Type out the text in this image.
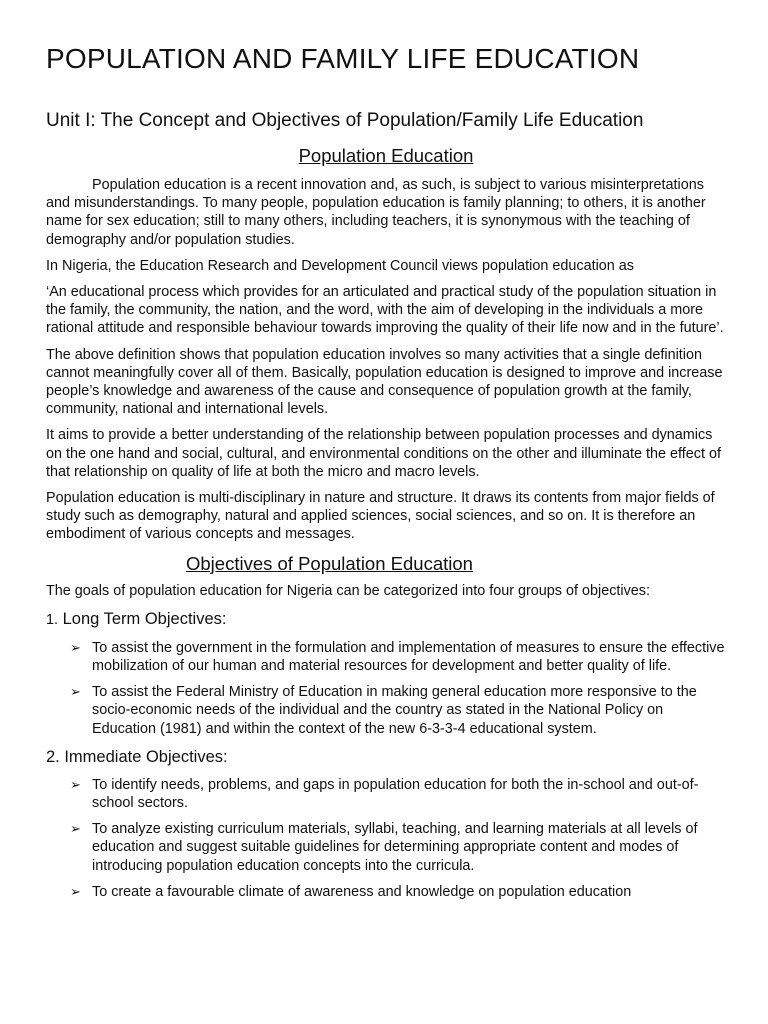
POPULATION AND FAMILY LIFE EDUCATION
Unit I: The Concept and Objectives of Population/Family Life Education
Population Education

Population education is a recent innovation and, as such, is subject to various misinterpretations and misunderstandings. To many people, population education is family planning; to others, it is another name for sex education; still to many others, including teachers, it is synonymous with the teaching of demography and/or population studies.

In Nigeria, the Education Research and Development Council views population education as

‘An educational process which provides for an articulated and practical study of the population situation in the family, the community, the nation, and the word, with the aim of developing in the individuals a more rational attitude and responsible behaviour towards improving the quality of their life now and in the future’.

The above definition shows that population education involves so many activities that a single definition cannot meaningfully cover all of them. Basically, population education is designed to improve and increase people’s knowledge and awareness of the cause and consequence of population growth at the family, community, national and international levels.

It aims to provide a better understanding of the relationship between population processes and dynamics on the one hand and social, cultural, and environmental conditions on the other and illuminate the effect of that relationship on quality of life at both the micro and macro levels.

Population education is multi-disciplinary in nature and structure. It draws its contents from major fields of study such as demography, natural and applied sciences, social sciences, and so on. It is therefore an embodiment of various concepts and messages.

Objectives of Population Education

The goals of population education for Nigeria can be categorized into four groups of objectives:

1. Long Term Objectives:
➢ To assist the government in the formulation and implementation of measures to ensure the effective mobilization of our human and material resources for development and better quality of life.
➢ To assist the Federal Ministry of Education in making general education more responsive to the socio-economic needs of the individual and the country as stated in the National Policy on Education (1981) and within the context of the new 6-3-3-4 educational system.
2. Immediate Objectives:
➢ To identify needs, problems, and gaps in population education for both the in-school and out-of-school sectors.
➢ To analyze existing curriculum materials, syllabi, teaching, and learning materials at all levels of education and suggest suitable guidelines for determining appropriate content and modes of introducing population education concepts into the curricula.
➢ To create a favourable climate of awareness and knowledge on population education
